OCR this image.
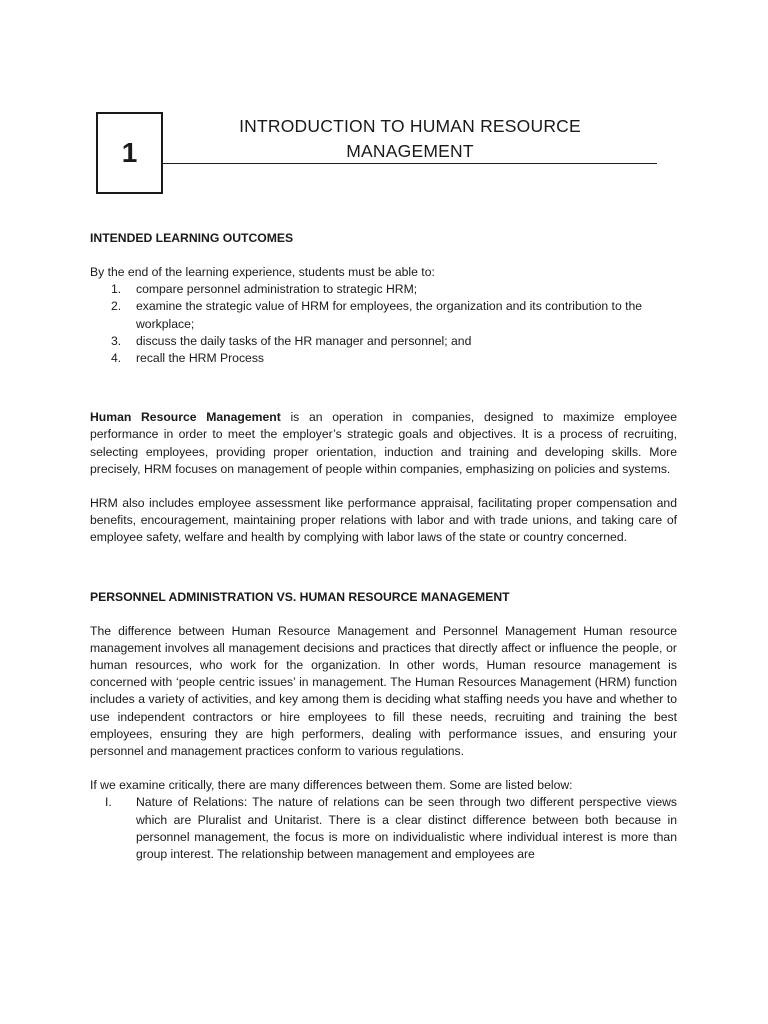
1
INTRODUCTION TO HUMAN RESOURCE
MANAGEMENT
INTENDED LEARNING OUTCOMES

By the end of the learning experience, students must be able to:

1. compare personnel administration to strategic HRM;
2. examine the strategic value of HRM for employees, the organization and its contribution to the workplace;
3. discuss the daily tasks of the HR manager and personnel; and
4. recall the HRM Process

Human Resource Management is an operation in companies, designed to maximize employee performance in order to meet the employer’s strategic goals and objectives. It is a process of recruiting, selecting employees, providing proper orientation, induction and training and developing skills. More precisely, HRM focuses on management of people within companies, emphasizing on policies and systems.

HRM also includes employee assessment like performance appraisal, facilitating proper compensation and benefits, encouragement, maintaining proper relations with labor and with trade unions, and taking care of employee safety, welfare and health by complying with labor laws of the state or country concerned.

PERSONNEL ADMINISTRATION VS. HUMAN RESOURCE MANAGEMENT

The difference between Human Resource Management and Personnel Management Human resource management involves all management decisions and practices that directly affect or influence the people, or human resources, who work for the organization. In other words, Human resource management is concerned with ‘people centric issues’ in management. The Human Resources Management (HRM) function includes a variety of activities, and key among them is deciding what staffing needs you have and whether to use independent contractors or hire employees to fill these needs, recruiting and training the best employees, ensuring they are high performers, dealing with performance issues, and ensuring your personnel and management practices conform to various regulations.

If we examine critically, there are many differences between them. Some are listed below:

I. Nature of Relations: The nature of relations can be seen through two different perspective views which are Pluralist and Unitarist. There is a clear distinct difference between both because in personnel management, the focus is more on individualistic where individual interest is more than group interest. The relationship between management and employees are
